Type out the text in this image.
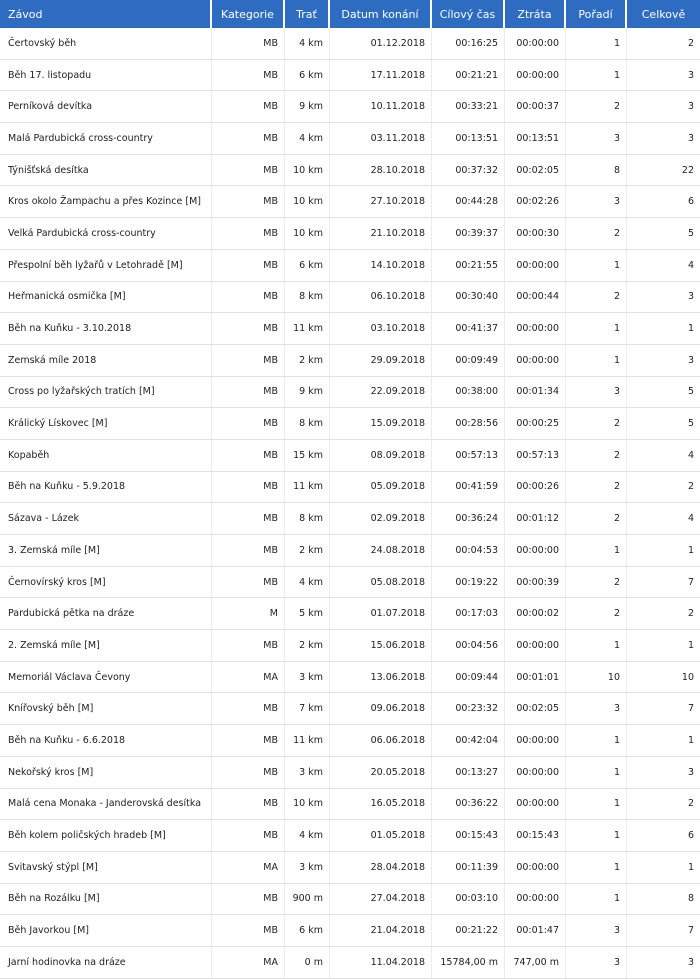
Závod	Kategorie	Trať	Datum konání	Cílový čas	Ztráta	Pořadí	Celkově
Čertovský běh	MB	4 km	01.12.2018	00:16:25	00:00:00	1	2
Běh 17. listopadu	MB	6 km	17.11.2018	00:21:21	00:00:00	1	3
Perníková devítka	MB	9 km	10.11.2018	00:33:21	00:00:37	2	3
Malá Pardubická cross-country	MB	4 km	03.11.2018	00:13:51	00:13:51	3	3
Týnišťská desítka	MB	10 km	28.10.2018	00:37:32	00:02:05	8	22
Kros okolo Žampachu a přes Kozince [M]	MB	10 km	27.10.2018	00:44:28	00:02:26	3	6
Velká Pardubická cross-country	MB	10 km	21.10.2018	00:39:37	00:00:30	2	5
Přespolní běh lyžařů v Letohradě [M]	MB	6 km	14.10.2018	00:21:55	00:00:00	1	4
Heřmanická osmička [M]	MB	8 km	06.10.2018	00:30:40	00:00:44	2	3
Běh na Kuňku - 3.10.2018	MB	11 km	03.10.2018	00:41:37	00:00:00	1	1
Zemská míle 2018	MB	2 km	29.09.2018	00:09:49	00:00:00	1	3
Cross po lyžařských tratích [M]	MB	9 km	22.09.2018	00:38:00	00:01:34	3	5
Králický Lískovec [M]	MB	8 km	15.09.2018	00:28:56	00:00:25	2	5
Kopaběh	MB	15 km	08.09.2018	00:57:13	00:57:13	2	4
Běh na Kuňku - 5.9.2018	MB	11 km	05.09.2018	00:41:59	00:00:26	2	2
Sázava - Lázek	MB	8 km	02.09.2018	00:36:24	00:01:12	2	4
3. Zemská míle [M]	MB	2 km	24.08.2018	00:04:53	00:00:00	1	1
Černovírský kros [M]	MB	4 km	05.08.2018	00:19:22	00:00:39	2	7
Pardubická pětka na dráze	M	5 km	01.07.2018	00:17:03	00:00:02	2	2
2. Zemská míle [M]	MB	2 km	15.06.2018	00:04:56	00:00:00	1	1
Memoriál Václava Čevony	MA	3 km	13.06.2018	00:09:44	00:01:01	10	10
Knířovský běh [M]	MB	7 km	09.06.2018	00:23:32	00:02:05	3	7
Běh na Kuňku - 6.6.2018	MB	11 km	06.06.2018	00:42:04	00:00:00	1	1
Nekořský kros [M]	MB	3 km	20.05.2018	00:13:27	00:00:00	1	3
Malá cena Monaka - Janderovská desítka	MB	10 km	16.05.2018	00:36:22	00:00:00	1	2
Běh kolem poličských hradeb [M]	MB	4 km	01.05.2018	00:15:43	00:15:43	1	6
Svitavský stýpl [M]	MA	3 km	28.04.2018	00:11:39	00:00:00	1	1
Běh na Rozálku [M]	MB	900 m	27.04.2018	00:03:10	00:00:00	1	8
Běh Javorkou [M]	MB	6 km	21.04.2018	00:21:22	00:01:47	3	7
Jarní hodinovka na dráze	MA	0 m	11.04.2018	15784,00 m	747,00 m	3	3
